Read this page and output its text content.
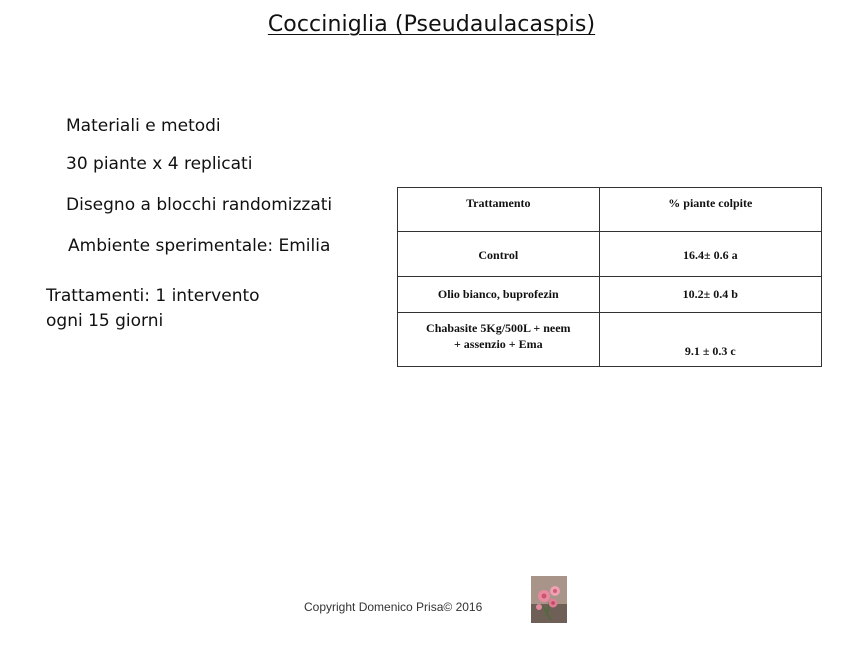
Cocciniglia (Pseudaulacaspis)
Materiali e metodi
30 piante x 4 replicati
Disegno a blocchi randomizzati
Ambiente sperimentale: Emilia
Trattamenti: 1 intervento
ogni 15 giorni
Trattamento	% piante colpite
Control	16.4± 0.6 a
Olio bianco, buprofezin	10.2± 0.4 b

Chabasite 5Kg/500L + neem
+ assenzio + Ema	9.1 ± 0.3 c
Copyright Domenico Prisa© 2016
